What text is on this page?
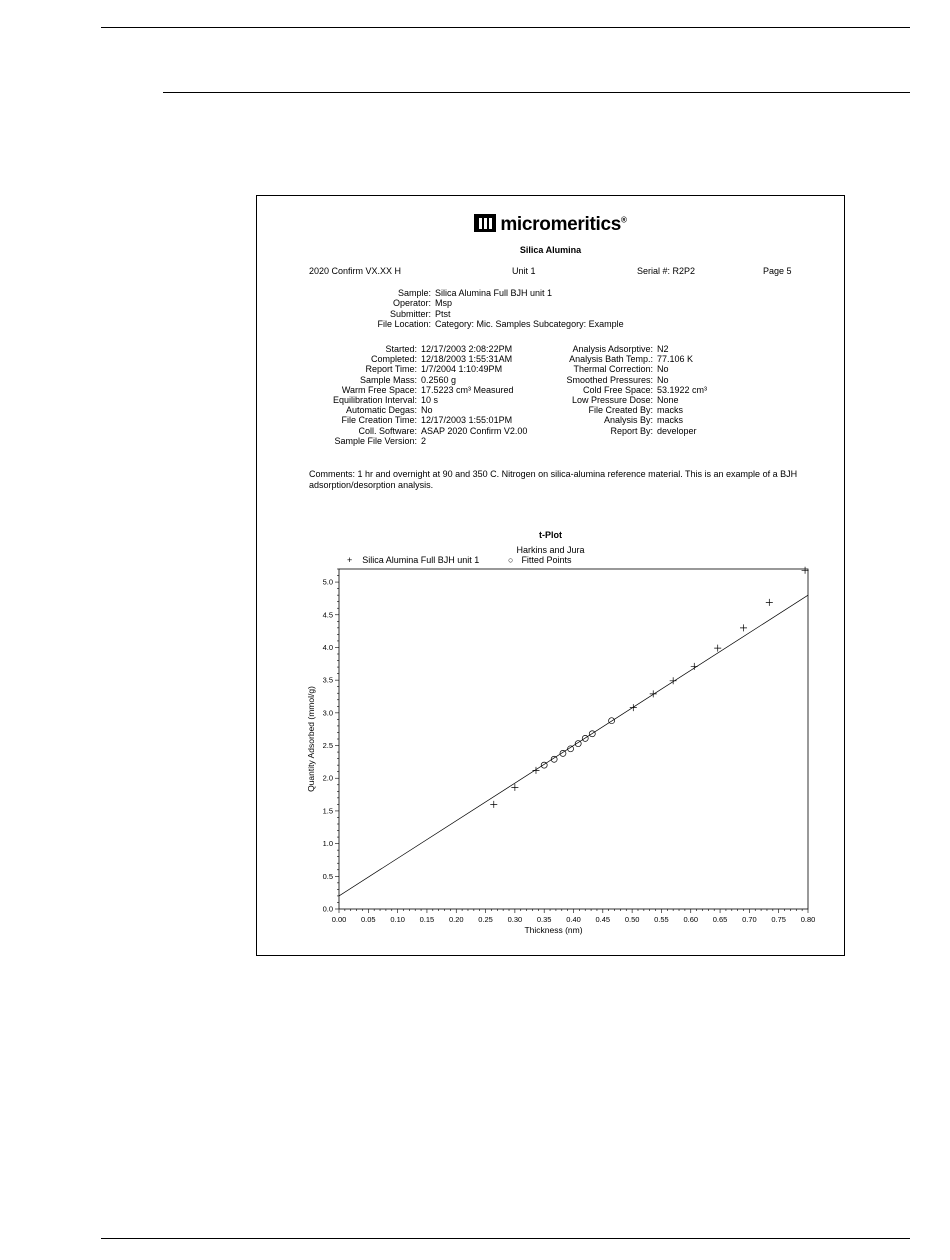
micromeritics®
Silica Alumina
2020 Confirm VX.XX H	Unit 1	Serial #: R2P2	Page 5
Sample: Silica Alumina Full BJH unit 1
Operator: Msp
Submitter: Ptst
File Location: Category: Mic. Samples Subcategory: Example
Started: 12/17/2003 2:08:22PM
Completed: 12/18/2003 1:55:31AM
Report Time: 1/7/2004 1:10:49PM
Sample Mass: 0.2560 g
Warm Free Space: 17.5223 cm³ Measured
Equilibration Interval: 10 s
Automatic Degas: No
File Creation Time: 12/17/2003 1:55:01PM
Coll. Software: ASAP 2020 Confirm V2.00
Sample File Version: 2
Analysis Adsorptive: N2
Analysis Bath Temp.: 77.106 K
Thermal Correction: No
Smoothed Pressures: No
Cold Free Space: 53.1922 cm³
Low Pressure Dose: None
File Created By: macks
Analysis By: macks
Report By: developer
Comments: 1 hr and overnight at 90 and 350 C. Nitrogen on silica-alumina reference material. This is an example of a BJH adsorption/desorption analysis.
t-Plot
Harkins and Jura
+ Silica Alumina Full BJH unit 1	○ Fitted Points
0.00 0.05 0.10 0.15 0.20 0.25 0.30 0.35 0.40 0.45 0.50 0.55 0.60 0.65 0.70 0.75 0.80
0.0
0.5
1.0
1.5
2.0
2.5
3.0
3.5
4.0
4.5
5.0
Quantity Adsorbed (mmol/g)
Thickness (nm)
